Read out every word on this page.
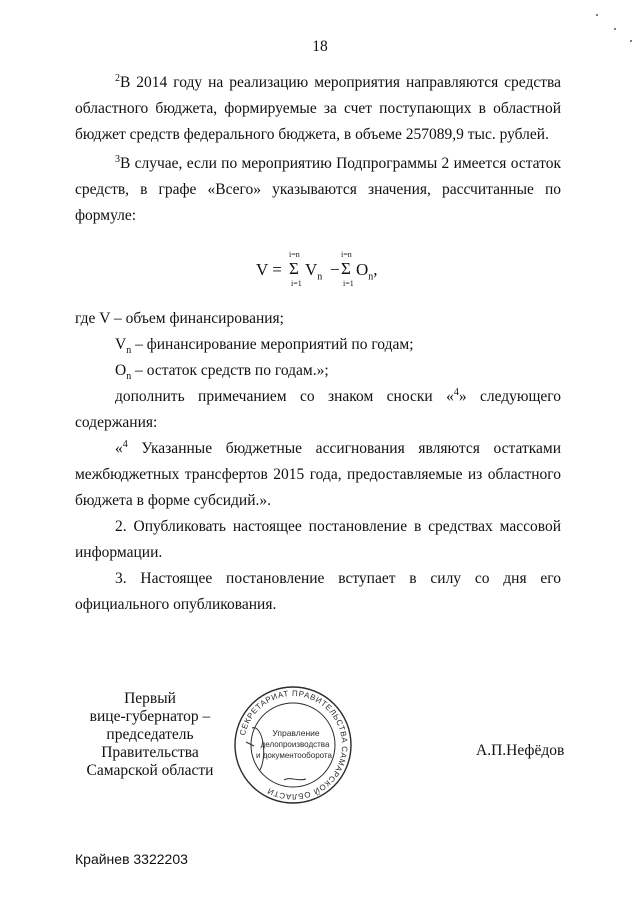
18

$^2$В 2014 году на реализацию мероприятия направляются средства областного бюджета, формируемые за счет поступающих в областной бюджет средств федерального бюджета, в объеме 257089,9 тыс. рублей.

$^3$В случае, если по мероприятию Подпрограммы 2 имеется остаток средств, в графе «Всего» указываются значения, рассчитанные по формуле:

V =
i=n
Σ
i=1
$V_n$ −
i=n
Σ
i=1
$O_n$,
где V – объем финансирования;
$V_n$ – финансирование мероприятий по годам;
$O_n$ – остаток средств по годам.»;

дополнить примечанием со знаком сноски «$^4$» следующего содержания:

«$^4$ Указанные бюджетные ассигнования являются остатками межбюджетных трансфертов 2015 года, предоставляемые из областного бюджета в форме субсидий.».

2. Опубликовать настоящее постановление в средствах массовой информации.

3. Настоящее постановление вступает в силу со дня его официального опубликования.

Первый
вице-губернатор –
председатель Правительства
Самарской области
СЕКРЕТАРИАТ ПРАВИТЕЛЬСТВА САМАРСКОЙ ОБЛАСТИ
Управление
делопроизводства
и документооборота	А.П.Нефёдов
Крайнев 3322203
